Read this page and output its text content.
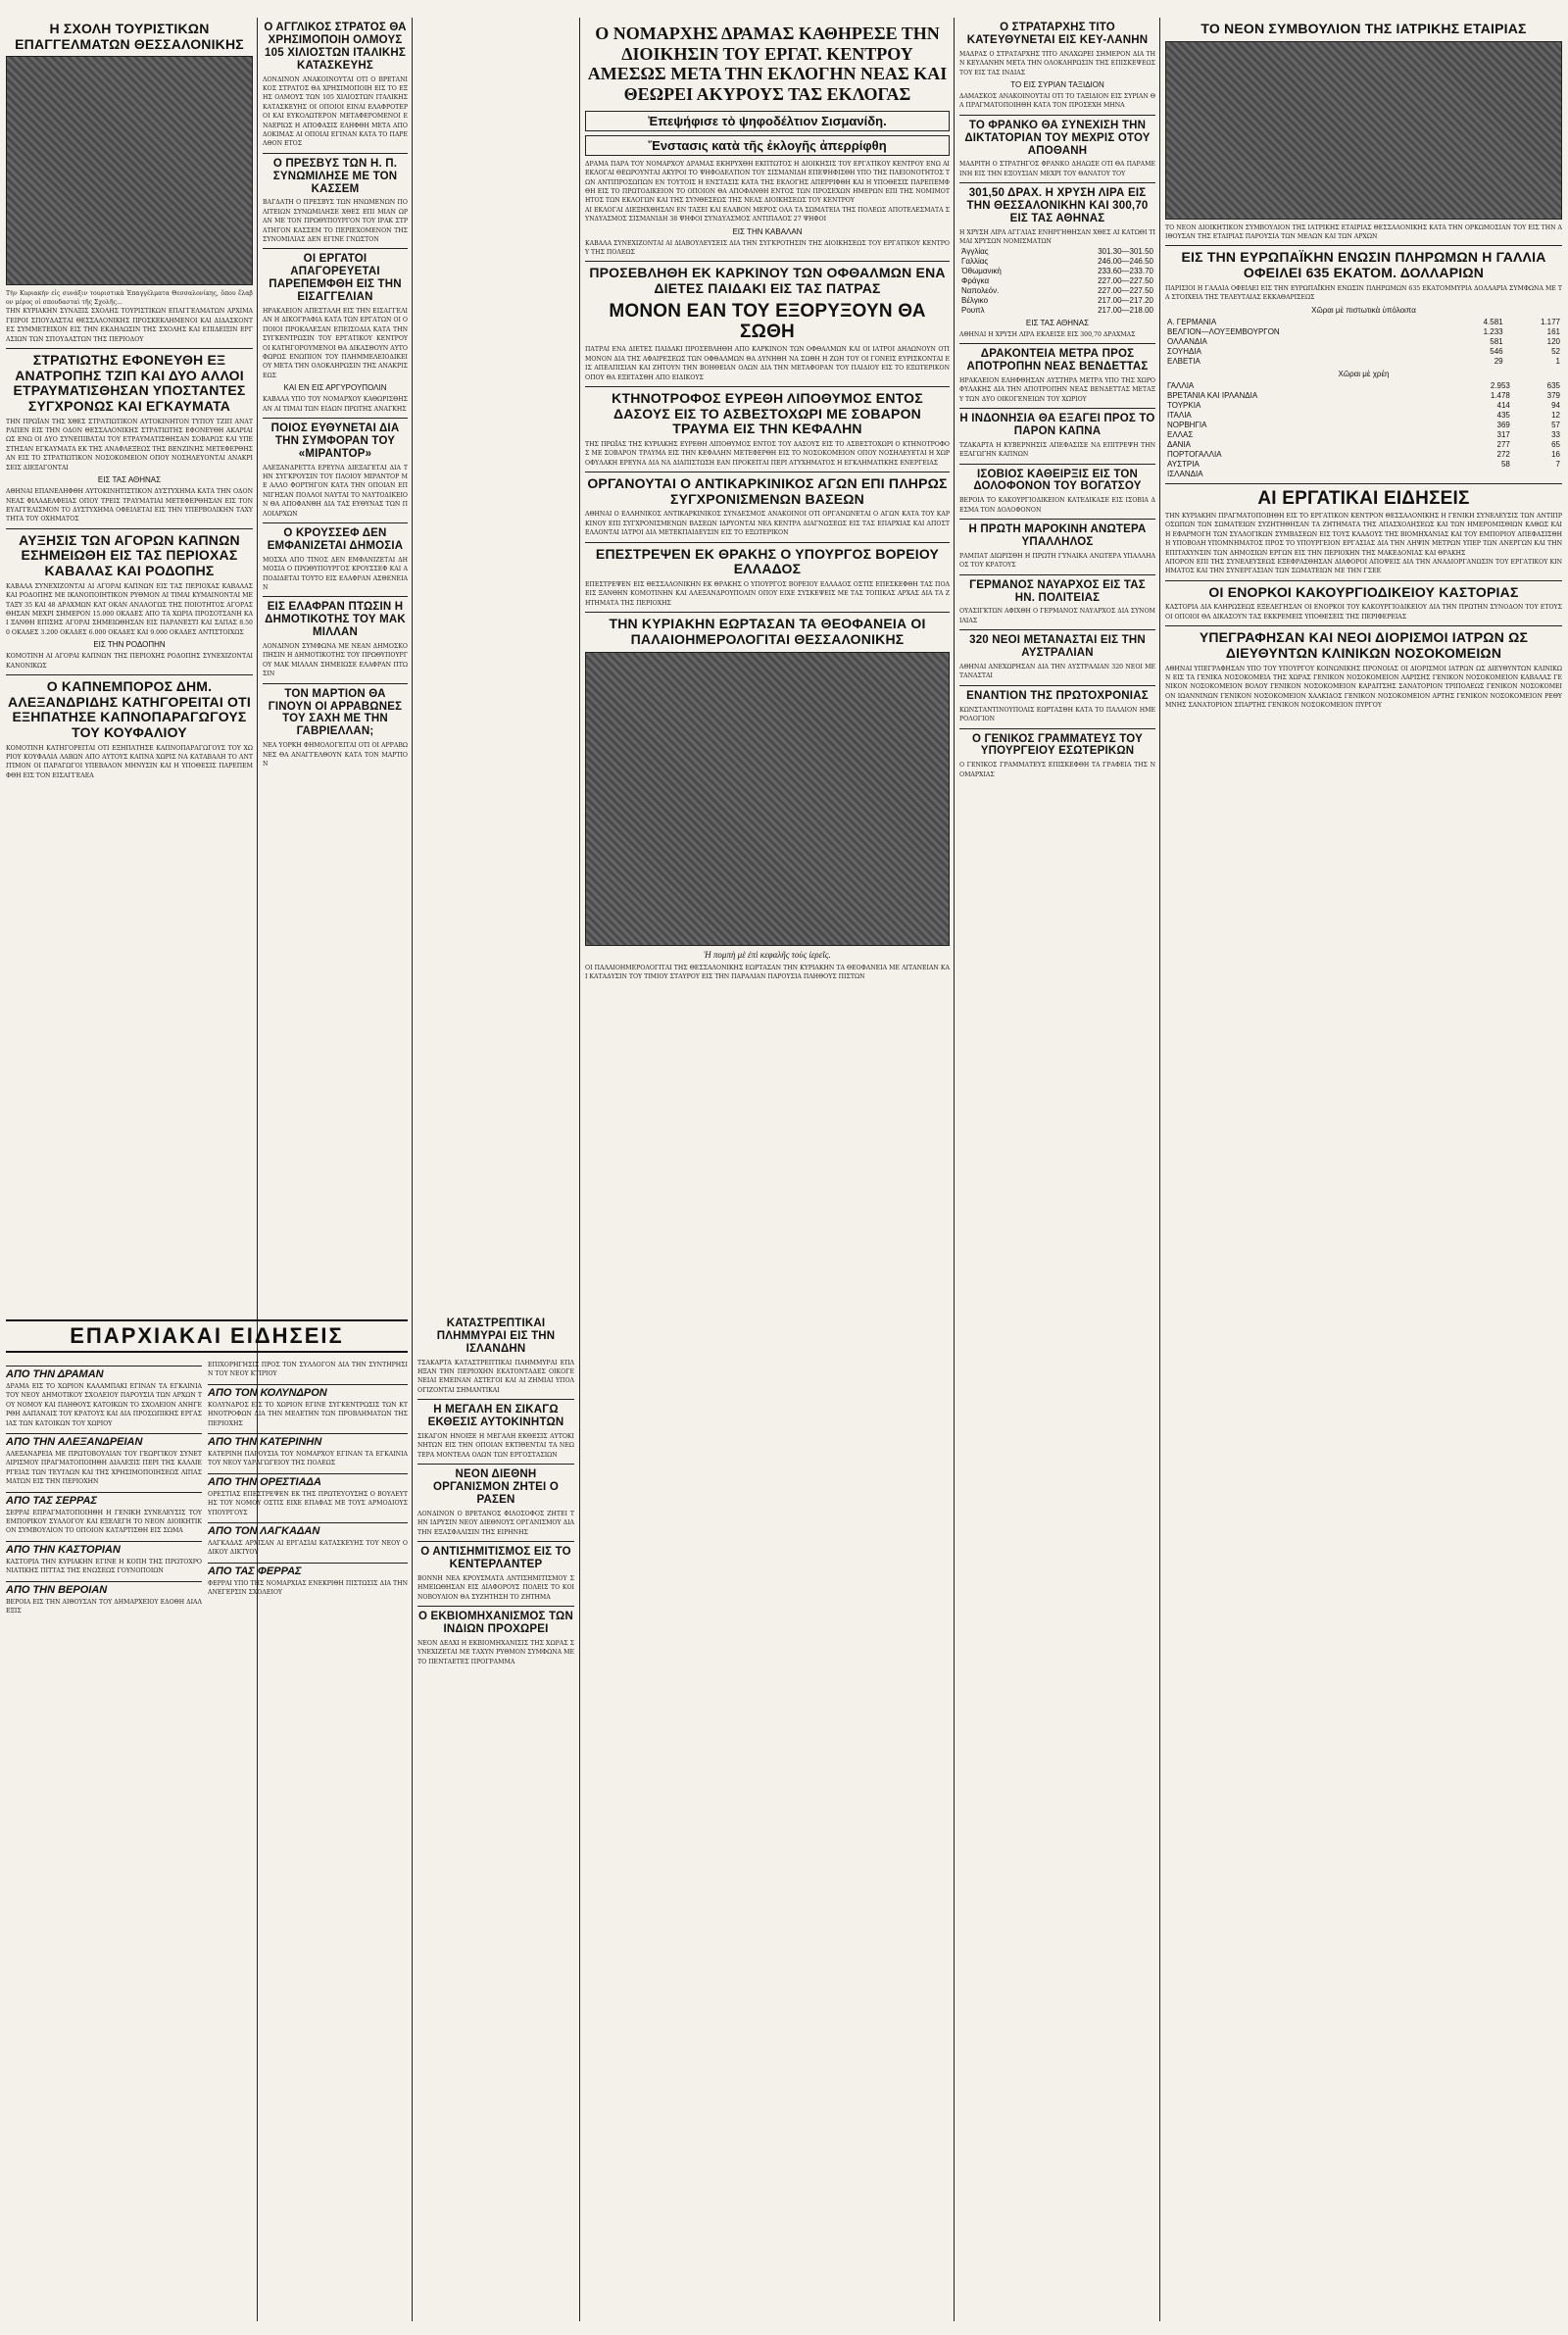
Η ΣΧΟΛΗ ΤΟΥΡΙΣΤΙΚΩΝ ΕΠΑΓΓΕΛΜΑΤΩΝ ΘΕΣΣΑΛΟΝΙΚΗΣ
Τὴν Κυριακὴν εἰς συνάξιν τουριστικὰ Ἐπαγγέλματα Θεσσαλονίκης, ὅπου ἔλαβον μέρος οἱ σπουδασταὶ τῆς Σχολῆς...

ΤΗΝ ΚΥΡΙΑΚΗΝ ΣΥΝΑΞΙΣ ΣΧΟΛΗΣ ΤΟΥΡΙΣΤΙΚΩΝ ΕΠΑΓΓΕΛΜΑΤΩΝ ΑΡΧΙΜΑΓΕΙΡΟΙ ΣΠΟΥΔΑΣΤΑΙ ΘΕΣΣΑΛΟΝΙΚΗΣ ΠΡΟΣΚΕΚΛΗΜΕΝΟΙ ΚΑΙ ΔΙΔΑΣΚΟΝΤΕΣ ΣΥΜΜΕΤΕΙΧΟΝ ΕΙΣ ΤΗΝ ΕΚΔΗΛΩΣΙΝ ΤΗΣ ΣΧΟΛΗΣ ΚΑΙ ΕΠΙΔΕΙΞΙΝ ΕΡΓΑΣΙΩΝ ΤΩΝ ΣΠΟΥΔΑΣΤΩΝ ΤΗΣ ΠΕΡΙΟΔΟΥ

ΣΤΡΑΤΙΩΤΗΣ ΕΦΟΝΕΥΘΗ ΕΞ ΑΝΑΤΡΟΠΗΣ ΤΖΙΠ ΚΑΙ ΔΥΟ ΑΛΛΟΙ ΕΤΡΑΥΜΑΤΙΣΘΗΣΑΝ ΥΠΟΣΤΑΝΤΕΣ ΣΥΓΧΡΟΝΩΣ ΚΑΙ ΕΓΚΑΥΜΑΤΑ

ΤΗΝ ΠΡΩΪΑΝ ΤΗΣ ΧΘΕΣ ΣΤΡΑΤΙΩΤΙΚΟΝ ΑΥΤΟΚΙΝΗΤΟΝ ΤΥΠΟΥ ΤΖΙΠ ΑΝΑΤΡΑΠΕΝ ΕΙΣ ΤΗΝ ΟΔΟΝ ΘΕΣΣΑΛΟΝΙΚΗΣ ΣΤΡΑΤΙΩΤΗΣ ΕΦΟΝΕΥΘΗ ΑΚΑΡΙΑΙΩΣ ΕΝΩ ΟΙ ΔΥΟ ΣΥΝΕΠΙΒΑΤΑΙ ΤΟΥ ΕΤΡΑΥΜΑΤΙΣΘΗΣΑΝ ΣΟΒΑΡΩΣ ΚΑΙ ΥΠΕΣΤΗΣΑΝ ΕΓΚΑΥΜΑΤΑ ΕΚ ΤΗΣ ΑΝΑΦΛΕΞΕΩΣ ΤΗΣ ΒΕΝΖΙΝΗΣ ΜΕΤΕΦΕΡΘΗΣΑΝ ΕΙΣ ΤΟ ΣΤΡΑΤΙΩΤΙΚΟΝ ΝΟΣΟΚΟΜΕΙΟΝ ΟΠΟΥ ΝΟΣΗΛΕΥΟΝΤΑΙ ΑΝΑΚΡΙΣΕΙΣ ΔΙΕΞΑΓΟΝΤΑΙ

ΕΙΣ ΤΑΣ ΑΘΗΝΑΣ

ΑΘΗΝΑΙ ΕΠΑΝΕΛΗΦΘΗ ΑΥΤΟΚΙΝΗΤΙΣΤΙΚΟΝ ΔΥΣΤΥΧΗΜΑ ΚΑΤΑ ΤΗΝ ΟΔΟΝ ΝΕΑΣ ΦΙΛΑΔΕΛΦΕΙΑΣ ΟΠΟΥ ΤΡΕΙΣ ΤΡΑΥΜΑΤΙΑΙ ΜΕΤΕΦΕΡΘΗΣΑΝ ΕΙΣ ΤΟΝ ΕΥΑΓΓΕΛΙΣΜΟΝ ΤΟ ΔΥΣΤΥΧΗΜΑ ΟΦΕΙΛΕΤΑΙ ΕΙΣ ΤΗΝ ΥΠΕΡΒΟΛΙΚΗΝ ΤΑΧΥΤΗΤΑ ΤΟΥ ΟΧΗΜΑΤΟΣ

ΑΥΞΗΣΙΣ ΤΩΝ ΑΓΟΡΩΝ ΚΑΠΝΩΝ ΕΣΗΜΕΙΩΘΗ ΕΙΣ ΤΑΣ ΠΕΡΙΟΧΑΣ ΚΑΒΑΛΑΣ ΚΑΙ ΡΟΔΟΠΗΣ

ΚΑΒΑΛΑ ΣΥΝΕΧΙΖΟΝΤΑΙ ΑΙ ΑΓΟΡΑΙ ΚΑΠΝΩΝ ΕΙΣ ΤΑΣ ΠΕΡΙΟΧΑΣ ΚΑΒΑΛΑΣ ΚΑΙ ΡΟΔΟΠΗΣ ΜΕ ΙΚΑΝΟΠΟΙΗΤΙΚΟΝ ΡΥΘΜΟΝ ΑΙ ΤΙΜΑΙ ΚΥΜΑΙΝΟΝΤΑΙ ΜΕΤΑΞΥ 35 ΚΑΙ 48 ΔΡΑΧΜΩΝ ΚΑΤ ΟΚΑΝ ΑΝΑΛΟΓΩΣ ΤΗΣ ΠΟΙΟΤΗΤΟΣ ΑΓΟΡΑΣΘΗΣΑΝ ΜΕΧΡΙ ΣΗΜΕΡΟΝ 15.000 ΟΚΑΔΕΣ ΑΠΟ ΤΑ ΧΩΡΙΑ ΠΡΟΣΟΤΣΑΝΗ ΚΑΙ ΞΑΝΘΗ ΕΠΙΣΗΣ ΑΓΟΡΑΙ ΣΗΜΕΙΩΘΗΣΑΝ ΕΙΣ ΠΑΡΑΝΕΣΤΙ ΚΑΙ ΣΑΠΑΣ 8.500 ΟΚΑΔΕΣ 3.200 ΟΚΑΔΕΣ 6.000 ΟΚΑΔΕΣ ΚΑΙ 9.000 ΟΚΑΔΕΣ ΑΝΤΙΣΤΟΙΧΩΣ

ΕΙΣ ΤΗΝ ΡΟΔΟΠΗΝ

ΚΟΜΟΤΙΝΗ ΑΙ ΑΓΟΡΑΙ ΚΑΠΝΩΝ ΤΗΣ ΠΕΡΙΟΧΗΣ ΡΟΔΟΠΗΣ ΣΥΝΕΧΙΖΟΝΤΑΙ ΚΑΝΟΝΙΚΩΣ

Ο ΚΑΠΝΕΜΠΟΡΟΣ ΔΗΜ. ΑΛΕΞΑΝΔΡΙΔΗΣ ΚΑΤΗΓΟΡΕΙΤΑΙ ΟΤΙ ΕΞΗΠΑΤΗΣΕ ΚΑΠΝΟΠΑΡΑΓΩΓΟΥΣ ΤΟΥ ΚΟΥΦΑΛΙΟΥ

ΚΟΜΟΤΙΝΗ ΚΑΤΗΓΟΡΕΙΤΑΙ ΟΤΙ ΕΞΗΠΑΤΗΣΕ ΚΑΠΝΟΠΑΡΑΓΩΓΟΥΣ ΤΟΥ ΧΩΡΙΟΥ ΚΟΥΦΑΛΙΑ ΛΑΒΩΝ ΑΠΟ ΑΥΤΟΥΣ ΚΑΠΝΑ ΧΩΡΙΣ ΝΑ ΚΑΤΑΒΑΛΗ ΤΟ ΑΝΤΙΤΙΜΟΝ ΟΙ ΠΑΡΑΓΩΓΟΙ ΥΠΕΒΑΛΟΝ ΜΗΝΥΣΙΝ ΚΑΙ Η ΥΠΟΘΕΣΙΣ ΠΑΡΕΠΕΜΦΘΗ ΕΙΣ ΤΟΝ ΕΙΣΑΓΓΕΛΕΑ

Ο ΑΓΓΛΙΚΟΣ ΣΤΡΑΤΟΣ ΘΑ ΧΡΗΣΙΜΟΠΟΙΗ ΟΛΜΟΥΣ 105 ΧΙΛΙΟΣΤΩΝ ΙΤΑΛΙΚΗΣ ΚΑΤΑΣΚΕΥΗΣ

ΛΟΝΔΙΝΟΝ ΑΝΑΚΟΙΝΟΥΤΑΙ ΟΤΙ Ο ΒΡΕΤΑΝΙΚΟΣ ΣΤΡΑΤΟΣ ΘΑ ΧΡΗΣΙΜΟΠΟΙΗ ΕΙΣ ΤΟ ΕΞΗΣ ΟΛΜΟΥΣ ΤΩΝ 105 ΧΙΛΙΟΣΤΩΝ ΙΤΑΛΙΚΗΣ ΚΑΤΑΣΚΕΥΗΣ ΟΙ ΟΠΟΙΟΙ ΕΙΝΑΙ ΕΛΑΦΡΟΤΕΡΟΙ ΚΑΙ ΕΥΚΟΛΩΤΕΡΟΝ ΜΕΤΑΦΕΡΟΜΕΝΟΙ ΕΝΑΕΡΙΩΣ Η ΑΠΟΦΑΣΙΣ ΕΛΗΦΘΗ ΜΕΤΑ ΑΠΟ ΔΟΚΙΜΑΣ ΑΙ ΟΠΟΙΑΙ ΕΓΙΝΑΝ ΚΑΤΑ ΤΟ ΠΑΡΕΛΘΟΝ ΕΤΟΣ

Ο ΠΡΕΣΒΥΣ ΤΩΝ Η. Π. ΣΥΝΩΜΙΛΗΣΕ ΜΕ ΤΟΝ ΚΑΣΣΕΜ

ΒΑΓΔΑΤΗ Ο ΠΡΕΣΒΥΣ ΤΩΝ ΗΝΩΜΕΝΩΝ ΠΟΛΙΤΕΙΩΝ ΣΥΝΩΜΙΛΗΣΕ ΧΘΕΣ ΕΠΙ ΜΙΑΝ ΩΡΑΝ ΜΕ ΤΟΝ ΠΡΩΘΥΠΟΥΡΓΟΝ ΤΟΥ ΙΡΑΚ ΣΤΡΑΤΗΓΟΝ ΚΑΣΣΕΜ ΤΟ ΠΕΡΙΕΧΟΜΕΝΟΝ ΤΗΣ ΣΥΝΟΜΙΛΙΑΣ ΔΕΝ ΕΓΙΝΕ ΓΝΩΣΤΟΝ

ΟΙ ΕΡΓΑΤΟΙ ΑΠΑΓΟΡΕΥΕΤΑΙ ΠΑΡΕΠΕΜΦΘΗ ΕΙΣ ΤΗΝ ΕΙΣΑΓΓΕΛΙΑΝ

ΗΡΑΚΛΕΙΟΝ ΑΠΕΣΤΑΛΗ ΕΙΣ ΤΗΝ ΕΙΣΑΓΓΕΛΙΑΝ Η ΔΙΚΟΓΡΑΦΙΑ ΚΑΤΑ ΤΩΝ ΕΡΓΑΤΩΝ ΟΙ ΟΠΟΙΟΙ ΠΡΟΚΑΛΕΣΑΝ ΕΠΕΙΣΟΔΙΑ ΚΑΤΑ ΤΗΝ ΣΥΓΚΕΝΤΡΩΣΙΝ ΤΟΥ ΕΡΓΑΤΙΚΟΥ ΚΕΝΤΡΟΥ ΟΙ ΚΑΤΗΓΟΡΟΥΜΕΝΟΙ ΘΑ ΔΙΚΑΣΘΟΥΝ ΑΥΤΟΦΩΡΩΣ ΕΝΩΠΙΟΝ ΤΟΥ ΠΛΗΜΜΕΛΕΙΟΔΙΚΕΙΟΥ ΜΕΤΑ ΤΗΝ ΟΛΟΚΛΗΡΩΣΙΝ ΤΗΣ ΑΝΑΚΡΙΣΕΩΣ

ΚΑΙ ΕΝ ΕΙΣ ΑΡΓΥΡΟΥΠΟΛΙΝ

ΚΑΒΑΛΑ ΥΠΟ ΤΟΥ ΝΟΜΑΡΧΟΥ ΚΑΘΩΡΙΣΘΗΣΑΝ ΑΙ ΤΙΜΑΙ ΤΩΝ ΕΙΔΩΝ ΠΡΩΤΗΣ ΑΝΑΓΚΗΣ

ΠΟΙΟΣ ΕΥΘΥΝΕΤΑΙ ΔΙΑ ΤΗΝ ΣΥΜΦΟΡΑΝ ΤΟΥ «ΜΙΡΑΝΤΟΡ»

ΑΛΕΞΑΝΔΡΕΤΤΑ ΕΡΕΥΝΑ ΔΙΕΞΑΓΕΤΑΙ ΔΙΑ ΤΗΝ ΣΥΓΚΡΟΥΣΙΝ ΤΟΥ ΠΛΟΙΟΥ ΜΙΡΑΝΤΟΡ ΜΕ ΑΛΛΟ ΦΟΡΤΗΓΟΝ ΚΑΤΑ ΤΗΝ ΟΠΟΙΑΝ ΕΠΝΙΓΗΣΑΝ ΠΟΛΛΟΙ ΝΑΥΤΑΙ ΤΟ ΝΑΥΤΟΔΙΚΕΙΟΝ ΘΑ ΑΠΟΦΑΝΘΗ ΔΙΑ ΤΑΣ ΕΥΘΥΝΑΣ ΤΩΝ ΠΛΟΙΑΡΧΩΝ

Ο ΚΡΟΥΣΣΕΦ ΔΕΝ ΕΜΦΑΝΙΖΕΤΑΙ ΔΗΜΟΣΙΑ

ΜΟΣΧΑ ΑΠΟ ΤΙΝΟΣ ΔΕΝ ΕΜΦΑΝΙΖΕΤΑΙ ΔΗΜΟΣΙΑ Ο ΠΡΩΘΥΠΟΥΡΓΟΣ ΚΡΟΥΣΣΕΦ ΚΑΙ ΑΠΟΔΙΔΕΤΑΙ ΤΟΥΤΟ ΕΙΣ ΕΛΑΦΡΑΝ ΑΣΘΕΝΕΙΑΝ

ΕΙΣ ΕΛΑΦΡΑΝ ΠΤΩΣΙΝ Η ΔΗΜΟΤΙΚΟΤΗΣ ΤΟΥ ΜΑΚ ΜΙΛΛΑΝ

ΛΟΝΔΙΝΟΝ ΣΥΜΦΩΝΑ ΜΕ ΝΕΑΝ ΔΗΜΟΣΚΟΠΗΣΙΝ Η ΔΗΜΟΤΙΚΟΤΗΣ ΤΟΥ ΠΡΩΘΥΠΟΥΡΓΟΥ ΜΑΚ ΜΙΛΛΑΝ ΣΗΜΕΙΩΣΕ ΕΛΑΦΡΑΝ ΠΤΩΣΙΝ

ΤΟΝ ΜΑΡΤΙΟΝ ΘΑ ΓΙΝΟΥΝ ΟΙ ΑΡΡΑΒΩΝΕΣ ΤΟΥ ΣΑΧΗ ΜΕ ΤΗΝ ΓΑΒΡΙΕΛΛΑΝ;

ΝΕΑ ΥΟΡΚΗ ΦΗΜΟΛΟΓΕΙΤΑΙ ΟΤΙ ΟΙ ΑΡΡΑΒΩΝΕΣ ΘΑ ΑΝΑΓΓΕΛΘΟΥΝ ΚΑΤΑ ΤΟΝ ΜΑΡΤΙΟΝ

ΕΠΑΡΧΙΑΚΑΙ ΕΙΔΗΣΕΙΣ
ΑΠΟ ΤΗΝ ΔΡΑΜΑΝ

ΔΡΑΜΑ ΕΙΣ ΤΟ ΧΩΡΙΟΝ ΚΑΛΑΜΠΑΚΙ ΕΓΙΝΑΝ ΤΑ ΕΓΚΑΙΝΙΑ ΤΟΥ ΝΕΟΥ ΔΗΜΟΤΙΚΟΥ ΣΧΟΛΕΙΟΥ ΠΑΡΟΥΣΙΑ ΤΩΝ ΑΡΧΩΝ ΤΟΥ ΝΟΜΟΥ ΚΑΙ ΠΛΗΘΟΥΣ ΚΑΤΟΙΚΩΝ ΤΟ ΣΧΟΛΕΙΟΝ ΑΝΗΓΕΡΘΗ ΔΑΠΑΝΑΙΣ ΤΟΥ ΚΡΑΤΟΥΣ ΚΑΙ ΔΙΑ ΠΡΟΣΩΠΙΚΗΣ ΕΡΓΑΣΙΑΣ ΤΩΝ ΚΑΤΟΙΚΩΝ ΤΟΥ ΧΩΡΙΟΥ

ΑΠΟ ΤΗΝ ΑΛΕΞΑΝΔΡΕΙΑΝ

ΑΛΕΞΑΝΔΡΕΙΑ ΜΕ ΠΡΩΤΟΒΟΥΛΙΑΝ ΤΟΥ ΓΕΩΡΓΙΚΟΥ ΣΥΝΕΤΑΙΡΙΣΜΟΥ ΠΡΑΓΜΑΤΟΠΟΙΗΘΗ ΔΙΑΛΕΞΙΣ ΠΕΡΙ ΤΗΣ ΚΑΛΛΙΕΡΓΕΙΑΣ ΤΩΝ ΤΕΥΤΛΩΝ ΚΑΙ ΤΗΣ ΧΡΗΣΙΜΟΠΟΙΗΣΕΩΣ ΛΙΠΑΣΜΑΤΩΝ ΕΙΣ ΤΗΝ ΠΕΡΙΟΧΗΝ

ΑΠΟ ΤΑΣ ΣΕΡΡΑΣ

ΣΕΡΡΑΙ ΕΠΡΑΓΜΑΤΟΠΟΙΗΘΗ Η ΓΕΝΙΚΗ ΣΥΝΕΛΕΥΣΙΣ ΤΟΥ ΕΜΠΟΡΙΚΟΥ ΣΥΛΛΟΓΟΥ ΚΑΙ ΕΞΕΛΕΓΗ ΤΟ ΝΕΟΝ ΔΙΟΙΚΗΤΙΚΟΝ ΣΥΜΒΟΥΛΙΟΝ ΤΟ ΟΠΟΙΟΝ ΚΑΤΑΡΤΙΣΘΗ ΕΙΣ ΣΩΜΑ

ΑΠΟ ΤΗΝ ΚΑΣΤΟΡΙΑΝ

ΚΑΣΤΟΡΙΑ ΤΗΝ ΚΥΡΙΑΚΗΝ ΕΓΙΝΕ Η ΚΟΠΗ ΤΗΣ ΠΡΩΤΟΧΡΟΝΙΑΤΙΚΗΣ ΠΙΤΤΑΣ ΤΗΣ ΕΝΩΣΕΩΣ ΓΟΥΝΟΠΟΙΩΝ

ΑΠΟ ΤΗΝ ΒΕΡΟΙΑΝ

ΒΕΡΟΙΑ ΕΙΣ ΤΗΝ ΑΙΘΟΥΣΑΝ ΤΟΥ ΔΗΜΑΡΧΕΙΟΥ ΕΔΟΘΗ ΔΙΑΛΕΞΙΣ

ΕΠΙΧΟΡΗΓΗΣΙΣ ΠΡΟΣ ΤΟΝ ΣΥΛΛΟΓΟΝ ΔΙΑ ΤΗΝ ΣΥΝΤΗΡΗΣΙΝ ΤΟΥ ΝΕΟΥ ΚΤΙΡΙΟΥ

ΑΠΟ ΤΟΝ ΚΟΛΥΝΔΡΟΝ

ΚΟΛΥΝΔΡΟΣ ΕΙΣ ΤΟ ΧΩΡΙΟΝ ΕΓΙΝΕ ΣΥΓΚΕΝΤΡΩΣΙΣ ΤΩΝ ΚΤΗΝΟΤΡΟΦΩΝ ΔΙΑ ΤΗΝ ΜΕΛΕΤΗΝ ΤΩΝ ΠΡΟΒΛΗΜΑΤΩΝ ΤΗΣ ΠΕΡΙΟΧΗΣ

ΑΠΟ ΤΗΝ ΚΑΤΕΡΙΝΗΝ

ΚΑΤΕΡΙΝΗ ΠΑΡΟΥΣΙΑ ΤΟΥ ΝΟΜΑΡΧΟΥ ΕΓΙΝΑΝ ΤΑ ΕΓΚΑΙΝΙΑ ΤΟΥ ΝΕΟΥ ΥΔΡΑΓΩΓΕΙΟΥ ΤΗΣ ΠΟΛΕΩΣ

ΑΠΟ ΤΗΝ ΟΡΕΣΤΙΑΔΑ

ΟΡΕΣΤΙΑΣ ΕΠΕΣΤΡΕΨΕΝ ΕΚ ΤΗΣ ΠΡΩΤΕΥΟΥΣΗΣ Ο ΒΟΥΛΕΥΤΗΣ ΤΟΥ ΝΟΜΟΥ ΟΣΤΙΣ ΕΙΧΕ ΕΠΑΦΑΣ ΜΕ ΤΟΥΣ ΑΡΜΟΔΙΟΥΣ ΥΠΟΥΡΓΟΥΣ

ΑΠΟ ΤΟΝ ΛΑΓΚΑΔΑΝ

ΛΑΓΚΑΔΑΣ ΑΡΧΙΣΑΝ ΑΙ ΕΡΓΑΣΙΑΙ ΚΑΤΑΣΚΕΥΗΣ ΤΟΥ ΝΕΟΥ ΟΔΙΚΟΥ ΔΙΚΤΥΟΥ

ΑΠΟ ΤΑΣ ΦΕΡΡΑΣ

ΦΕΡΡΑΙ ΥΠΟ ΤΗΣ ΝΟΜΑΡΧΙΑΣ ΕΝΕΚΡΙΘΗ ΠΙΣΤΩΣΙΣ ΔΙΑ ΤΗΝ ΑΝΕΓΕΡΣΙΝ ΣΧΟΛΕΙΟΥ

ΚΑΤΑΣΤΡΕΠΤΙΚΑΙ ΠΛΗΜΜΥΡΑΙ ΕΙΣ ΤΗΝ ΙΣΛΑΝΔΗΝ

ΤΣΑΚΑΡΤΑ ΚΑΤΑΣΤΡΕΠΤΙΚΑΙ ΠΛΗΜΜΥΡΑΙ ΕΠΛΗΞΑΝ ΤΗΝ ΠΕΡΙΟΧΗΝ ΕΚΑΤΟΝΤΑΔΕΣ ΟΙΚΟΓΕΝΕΙΑΙ ΕΜΕΙΝΑΝ ΑΣΤΕΓΟΙ ΚΑΙ ΑΙ ΖΗΜΙΑΙ ΥΠΟΛΟΓΙΖΟΝΤΑΙ ΣΗΜΑΝΤΙΚΑΙ

Η ΜΕΓΑΛΗ ΕΝ ΣΙΚΑΓΩ ΕΚΘΕΣΙΣ ΑΥΤΟΚΙΝΗΤΩΝ

ΣΙΚΑΓΟΝ ΗΝΟΙΞΕ Η ΜΕΓΑΛΗ ΕΚΘΕΣΙΣ ΑΥΤΟΚΙΝΗΤΩΝ ΕΙΣ ΤΗΝ ΟΠΟΙΑΝ ΕΚΤΙΘΕΝΤΑΙ ΤΑ ΝΕΩΤΕΡΑ ΜΟΝΤΕΛΑ ΟΛΩΝ ΤΩΝ ΕΡΓΟΣΤΑΣΙΩΝ

ΝΕΟΝ ΔΙΕΘΝΗ ΟΡΓΑΝΙΣΜΟΝ ΖΗΤΕΙ Ο ΡΑΣΕΝ

ΛΟΝΔΙΝΟΝ Ο ΒΡΕΤΑΝΟΣ ΦΙΛΟΣΟΦΟΣ ΖΗΤΕΙ ΤΗΝ ΙΔΡΥΣΙΝ ΝΕΟΥ ΔΙΕΘΝΟΥΣ ΟΡΓΑΝΙΣΜΟΥ ΔΙΑ ΤΗΝ ΕΞΑΣΦΑΛΙΣΙΝ ΤΗΣ ΕΙΡΗΝΗΣ

Ο ΑΝΤΙΣΗΜΙΤΙΣΜΟΣ ΕΙΣ ΤΟ ΚΕΝΤΕΡΛΑΝΤΕΡ

ΒΟΝΝΗ ΝΕΑ ΚΡΟΥΣΜΑΤΑ ΑΝΤΙΣΗΜΙΤΙΣΜΟΥ ΣΗΜΕΙΩΘΗΣΑΝ ΕΙΣ ΔΙΑΦΟΡΟΥΣ ΠΟΛΕΙΣ ΤΟ ΚΟΙΝΟΒΟΥΛΙΟΝ ΘΑ ΣΥΖΗΤΗΣΗ ΤΟ ΖΗΤΗΜΑ

Ο ΕΚΒΙΟΜΗΧΑΝΙΣΜΟΣ ΤΩΝ ΙΝΔΙΩΝ ΠΡΟΧΩΡΕΙ

ΝΕΟΝ ΔΕΛΧΙ Η ΕΚΒΙΟΜΗΧΑΝΙΣΙΣ ΤΗΣ ΧΩΡΑΣ ΣΥΝΕΧΙΖΕΤΑΙ ΜΕ ΤΑΧΥΝ ΡΥΘΜΟΝ ΣΥΜΦΩΝΑ ΜΕ ΤΟ ΠΕΝΤΑΕΤΕΣ ΠΡΟΓΡΑΜΜΑ

Ο ΝΟΜΑΡΧΗΣ ΔΡΑΜΑΣ ΚΑΘΗΡΕΣΕ ΤΗΝ ΔΙΟΙΚΗΣΙΝ ΤΟΥ ΕΡΓΑΤ. ΚΕΝΤΡΟΥ ΑΜΕΣΩΣ ΜΕΤΑ ΤΗΝ ΕΚΛΟΓΗΝ ΝΕΑΣ ΚΑΙ ΘΕΩΡΕΙ ΑΚΥΡΟΥΣ ΤΑΣ ΕΚΛΟΓΑΣ
Ἐπεψήφισε τὸ ψηφοδέλτιον Σισμανίδη.
Ἔνστασις κατὰ τῆς ἐκλογῆς ἀπερρίφθη

ΔΡΑΜΑ ΠΑΡΑ ΤΟΥ ΝΟΜΑΡΧΟΥ ΔΡΑΜΑΣ ΕΚΗΡΥΧΘΗ ΕΚΠΤΩΤΟΣ Η ΔΙΟΙΚΗΣΙΣ ΤΟΥ ΕΡΓΑΤΙΚΟΥ ΚΕΝΤΡΟΥ ΕΝΩ ΑΙ ΕΚΛΟΓΑΙ ΘΕΩΡΟΥΝΤΑΙ ΑΚΥΡΟΙ ΤΟ ΨΗΦΟΔΕΛΤΙΟΝ ΤΟΥ ΣΙΣΜΑΝΙΔΗ ΕΠΕΨΗΦΙΣΘΗ ΥΠΟ ΤΗΣ ΠΛΕΙΟΝΟΤΗΤΟΣ ΤΩΝ ΑΝΤΙΠΡΟΣΩΠΩΝ ΕΝ ΤΟΥΤΟΙΣ Η ΕΝΣΤΑΣΙΣ ΚΑΤΑ ΤΗΣ ΕΚΛΟΓΗΣ ΑΠΕΡΡΙΦΘΗ ΚΑΙ Η ΥΠΟΘΕΣΙΣ ΠΑΡΕΠΕΜΦΘΗ ΕΙΣ ΤΟ ΠΡΩΤΟΔΙΚΕΙΟΝ ΤΟ ΟΠΟΙΟΝ ΘΑ ΑΠΟΦΑΝΘΗ ΕΝΤΟΣ ΤΩΝ ΠΡΟΣΕΧΩΝ ΗΜΕΡΩΝ ΕΠΙ ΤΗΣ ΝΟΜΙΜΟΤΗΤΟΣ ΤΩΝ ΕΚΛΟΓΩΝ ΚΑΙ ΤΗΣ ΣΥΝΘΕΣΕΩΣ ΤΗΣ ΝΕΑΣ ΔΙΟΙΚΗΣΕΩΣ ΤΟΥ ΚΕΝΤΡΟΥ

ΑΙ ΕΚΛΟΓΑΙ ΔΙΕΞΗΧΘΗΣΑΝ ΕΝ ΤΑΞΕΙ ΚΑΙ ΕΛΑΒΟΝ ΜΕΡΟΣ ΟΛΑ ΤΑ ΣΩΜΑΤΕΙΑ ΤΗΣ ΠΟΛΕΩΣ ΑΠΟΤΕΛΕΣΜΑΤΑ ΣΥΝΔΥΑΣΜΟΣ ΣΙΣΜΑΝΙΔΗ 38 ΨΗΦΟΙ ΣΥΝΔΥΑΣΜΟΣ ΑΝΤΙΠΑΛΟΣ 27 ΨΗΦΟΙ

ΕΙΣ ΤΗΝ ΚΑΒΑΛΑΝ

ΚΑΒΑΛΑ ΣΥΝΕΧΙΖΟΝΤΑΙ ΑΙ ΔΙΑΒΟΥΛΕΥΣΕΙΣ ΔΙΑ ΤΗΝ ΣΥΓΚΡΟΤΗΣΙΝ ΤΗΣ ΔΙΟΙΚΗΣΕΩΣ ΤΟΥ ΕΡΓΑΤΙΚΟΥ ΚΕΝΤΡΟΥ ΤΗΣ ΠΟΛΕΩΣ

ΠΡΟΣΕΒΛΗΘΗ ΕΚ ΚΑΡΚΙΝΟΥ ΤΩΝ ΟΦΘΑΛΜΩΝ ΕΝΑ ΔΙΕΤΕΣ ΠΑΙΔΑΚΙ ΕΙΣ ΤΑΣ ΠΑΤΡΑΣ
ΜΟΝΟΝ ΕΑΝ ΤΟΥ ΕΞΟΡΥΞΟΥΝ ΘΑ ΣΩΘΗ

ΠΑΤΡΑΙ ΕΝΑ ΔΙΕΤΕΣ ΠΑΙΔΑΚΙ ΠΡΟΣΕΒΛΗΘΗ ΑΠΟ ΚΑΡΚΙΝΟΝ ΤΩΝ ΟΦΘΑΛΜΩΝ ΚΑΙ ΟΙ ΙΑΤΡΟΙ ΔΗΛΩΝΟΥΝ ΟΤΙ ΜΟΝΟΝ ΔΙΑ ΤΗΣ ΑΦΑΙΡΕΣΕΩΣ ΤΩΝ ΟΦΘΑΛΜΩΝ ΘΑ ΔΥΝΗΘΗ ΝΑ ΣΩΘΗ Η ΖΩΗ ΤΟΥ ΟΙ ΓΟΝΕΙΣ ΕΥΡΙΣΚΟΝΤΑΙ ΕΙΣ ΑΠΕΛΠΙΣΙΑΝ ΚΑΙ ΖΗΤΟΥΝ ΤΗΝ ΒΟΗΘΕΙΑΝ ΟΛΩΝ ΔΙΑ ΤΗΝ ΜΕΤΑΦΟΡΑΝ ΤΟΥ ΠΑΙΔΙΟΥ ΕΙΣ ΤΟ ΕΞΩΤΕΡΙΚΟΝ ΟΠΟΥ ΘΑ ΕΞΕΤΑΣΘΗ ΑΠΟ ΕΙΔΙΚΟΥΣ

ΚΤΗΝΟΤΡΟΦΟΣ ΕΥΡΕΘΗ ΛΙΠΟΘΥΜΟΣ ΕΝΤΟΣ ΔΑΣΟΥΣ ΕΙΣ ΤΟ ΑΣΒΕΣΤΟΧΩΡΙ ΜΕ ΣΟΒΑΡΟΝ ΤΡΑΥΜΑ ΕΙΣ ΤΗΝ ΚΕΦΑΛΗΝ

ΤΗΣ ΠΡΩΪΑΣ ΤΗΣ ΚΥΡΙΑΚΗΣ ΕΥΡΕΘΗ ΛΙΠΟΘΥΜΟΣ ΕΝΤΟΣ ΤΟΥ ΔΑΣΟΥΣ ΕΙΣ ΤΟ ΑΣΒΕΣΤΟΧΩΡΙ Ο ΚΤΗΝΟΤΡΟΦΟΣ ΜΕ ΣΟΒΑΡΟΝ ΤΡΑΥΜΑ ΕΙΣ ΤΗΝ ΚΕΦΑΛΗΝ ΜΕΤΕΦΕΡΘΗ ΕΙΣ ΤΟ ΝΟΣΟΚΟΜΕΙΟΝ ΟΠΟΥ ΝΟΣΗΛΕΥΕΤΑΙ Η ΧΩΡΟΦΥΛΑΚΗ ΕΡΕΥΝΑ ΔΙΑ ΝΑ ΔΙΑΠΙΣΤΩΣΗ ΕΑΝ ΠΡΟΚΕΙΤΑΙ ΠΕΡΙ ΑΤΥΧΗΜΑΤΟΣ Η ΕΓΚΛΗΜΑΤΙΚΗΣ ΕΝΕΡΓΕΙΑΣ

ΟΡΓΑΝΟΥΤΑΙ Ο ΑΝΤΙΚΑΡΚΙΝΙΚΟΣ ΑΓΩΝ ΕΠΙ ΠΛΗΡΩΣ ΣΥΓΧΡΟΝΙΣΜΕΝΩΝ ΒΑΣΕΩΝ

ΑΘΗΝΑΙ Ο ΕΛΛΗΝΙΚΟΣ ΑΝΤΙΚΑΡΚΙΝΙΚΟΣ ΣΥΝΔΕΣΜΟΣ ΑΝΑΚΟΙΝΟΙ ΟΤΙ ΟΡΓΑΝΩΝΕΤΑΙ Ο ΑΓΩΝ ΚΑΤΑ ΤΟΥ ΚΑΡΚΙΝΟΥ ΕΠΙ ΣΥΓΧΡΟΝΙΣΜΕΝΩΝ ΒΑΣΕΩΝ ΙΔΡΥΟΝΤΑΙ ΝΕΑ ΚΕΝΤΡΑ ΔΙΑΓΝΩΣΕΩΣ ΕΙΣ ΤΑΣ ΕΠΑΡΧΙΑΣ ΚΑΙ ΑΠΟΣΤΕΛΛΟΝΤΑΙ ΙΑΤΡΟΙ ΔΙΑ ΜΕΤΕΚΠΑΙΔΕΥΣΙΝ ΕΙΣ ΤΟ ΕΞΩΤΕΡΙΚΟΝ

ΕΠΕΣΤΡΕΨΕΝ ΕΚ ΘΡΑΚΗΣ Ο ΥΠΟΥΡΓΟΣ ΒΟΡΕΙΟΥ ΕΛΛΑΔΟΣ

ΕΠΕΣΤΡΕΨΕΝ ΕΙΣ ΘΕΣΣΑΛΟΝΙΚΗΝ ΕΚ ΘΡΑΚΗΣ Ο ΥΠΟΥΡΓΟΣ ΒΟΡΕΙΟΥ ΕΛΛΑΔΟΣ ΟΣΤΙΣ ΕΠΕΣΚΕΦΘΗ ΤΑΣ ΠΟΛΕΙΣ ΞΑΝΘΗΝ ΚΟΜΟΤΙΝΗΝ ΚΑΙ ΑΛΕΞΑΝΔΡΟΥΠΟΛΙΝ ΟΠΟΥ ΕΙΧΕ ΣΥΣΚΕΨΕΙΣ ΜΕ ΤΑΣ ΤΟΠΙΚΑΣ ΑΡΧΑΣ ΔΙΑ ΤΑ ΖΗΤΗΜΑΤΑ ΤΗΣ ΠΕΡΙΟΧΗΣ

ΤΗΝ ΚΥΡΙΑΚΗΝ ΕΩΡΤΑΣΑΝ ΤΑ ΘΕΟΦΑΝΕΙΑ ΟΙ ΠΑΛΑΙΟΗΜΕΡΟΛΟΓΙΤΑΙ ΘΕΣΣΑΛΟΝΙΚΗΣ
Ἡ πομπὴ μὲ ἐπὶ κεφαλῆς τοὺς ἱερεῖς.

ΟΙ ΠΑΛΑΙΟΗΜΕΡΟΛΟΓΙΤΑΙ ΤΗΣ ΘΕΣΣΑΛΟΝΙΚΗΣ ΕΩΡΤΑΣΑΝ ΤΗΝ ΚΥΡΙΑΚΗΝ ΤΑ ΘΕΟΦΑΝΕΙΑ ΜΕ ΛΙΤΑΝΕΙΑΝ ΚΑΙ ΚΑΤΑΔΥΣΙΝ ΤΟΥ ΤΙΜΙΟΥ ΣΤΑΥΡΟΥ ΕΙΣ ΤΗΝ ΠΑΡΑΛΙΑΝ ΠΑΡΟΥΣΙΑ ΠΛΗΘΟΥΣ ΠΙΣΤΩΝ

Ο ΣΤΡΑΤΑΡΧΗΣ ΤΙΤΟ ΚΑΤΕΥΘΥΝΕΤΑΙ ΕΙΣ ΚΕΥ-ΛΑΝΗΝ

ΜΑΔΡΑΣ Ο ΣΤΡΑΤΑΡΧΗΣ ΤΙΤΟ ΑΝΑΧΩΡΕΙ ΣΗΜΕΡΟΝ ΔΙΑ ΤΗΝ ΚΕΥΛΑΝΗΝ ΜΕΤΑ ΤΗΝ ΟΛΟΚΛΗΡΩΣΙΝ ΤΗΣ ΕΠΙΣΚΕΨΕΩΣ ΤΟΥ ΕΙΣ ΤΑΣ ΙΝΔΙΑΣ

ΤΟ ΕΙΣ ΣΥΡΙΑΝ ΤΑΞΙΔΙΟΝ

ΔΑΜΑΣΚΟΣ ΑΝΑΚΟΙΝΟΥΤΑΙ ΟΤΙ ΤΟ ΤΑΞΙΔΙΟΝ ΕΙΣ ΣΥΡΙΑΝ ΘΑ ΠΡΑΓΜΑΤΟΠΟΙΗΘΗ ΚΑΤΑ ΤΟΝ ΠΡΟΣΕΧΗ ΜΗΝΑ

ΤΟ ΦΡΑΝΚΟ ΘΑ ΣΥΝΕΧΙΣΗ ΤΗΝ ΔΙΚΤΑΤΟΡΙΑΝ ΤΟΥ ΜΕΧΡΙΣ ΟΤΟΥ ΑΠΟΘΑΝΗ

ΜΑΔΡΙΤΗ Ο ΣΤΡΑΤΗΓΟΣ ΦΡΑΝΚΟ ΔΗΛΩΣΕ ΟΤΙ ΘΑ ΠΑΡΑΜΕΙΝΗ ΕΙΣ ΤΗΝ ΕΞΟΥΣΙΑΝ ΜΕΧΡΙ ΤΟΥ ΘΑΝΑΤΟΥ ΤΟΥ

301,50 ΔΡΑΧ. Η ΧΡΥΣΗ ΛΙΡΑ ΕΙΣ ΤΗΝ ΘΕΣΣΑΛΟΝΙΚΗΝ ΚΑΙ 300,70 ΕΙΣ ΤΑΣ ΑΘΗΝΑΣ

Η ΧΡΥΣΗ ΛΙΡΑ ΑΓΓΛΙΑΣ ΕΝΗΡΓΗΘΗΣΑΝ ΧΘΕΣ ΑΙ ΚΑΤΩΘΙ ΤΙΜΑΙ ΧΡΥΣΩΝ ΝΟΜΙΣΜΑΤΩΝ

Ἀγγλίας	301.30—301.50
Γαλλίας	246.00—246.50
Ὀθωμανικὴ	233.60—233.70
Φράγκα	227.00—227.50
Ναπολεόν.	227.00—227.50
Βέλγικο	217.00—217.20
Ρουπλ	217.00—218.00
ΕΙΣ ΤΑΣ ΑΘΗΝΑΣ

ΑΘΗΝΑΙ Η ΧΡΥΣΗ ΛΙΡΑ ΕΚΛΕΙΣΕ ΕΙΣ 300,70 ΔΡΑΧΜΑΣ

ΔΡΑΚΟΝΤΕΙΑ ΜΕΤΡΑ ΠΡΟΣ ΑΠΟΤΡΟΠΗΝ ΝΕΑΣ ΒΕΝΔΕΤΤΑΣ

ΗΡΑΚΛΕΙΟΝ ΕΛΗΦΘΗΣΑΝ ΑΥΣΤΗΡΑ ΜΕΤΡΑ ΥΠΟ ΤΗΣ ΧΩΡΟΦΥΛΑΚΗΣ ΔΙΑ ΤΗΝ ΑΠΟΤΡΟΠΗΝ ΝΕΑΣ ΒΕΝΔΕΤΤΑΣ ΜΕΤΑΞΥ ΤΩΝ ΔΥΟ ΟΙΚΟΓΕΝΕΙΩΝ ΤΟΥ ΧΩΡΙΟΥ

Η ΙΝΔΟΝΗΣΙΑ ΘΑ ΕΞΑΓΕΙ ΠΡΟΣ ΤΟ ΠΑΡΟΝ ΚΑΠΝΑ

ΤΖΑΚΑΡΤΑ Η ΚΥΒΕΡΝΗΣΙΣ ΑΠΕΦΑΣΙΣΕ ΝΑ ΕΠΙΤΡΕΨΗ ΤΗΝ ΕΞΑΓΩΓΗΝ ΚΑΠΝΩΝ

ΙΣΟΒΙΟΣ ΚΑΘΕΙΡΞΙΣ ΕΙΣ ΤΟΝ ΔΟΛΟΦΟΝΟΝ ΤΟΥ ΒΟΓΑΤΣΟΥ

ΒΕΡΟΙΑ ΤΟ ΚΑΚΟΥΡΓΙΟΔΙΚΕΙΟΝ ΚΑΤΕΔΙΚΑΣΕ ΕΙΣ ΙΣΟΒΙΑ ΔΕΣΜΑ ΤΟΝ ΔΟΛΟΦΟΝΟΝ

Η ΠΡΩΤΗ ΜΑΡΟΚΙΝΗ ΑΝΩΤΕΡΑ ΥΠΑΛΛΗΛΟΣ

ΡΑΜΠΑΤ ΔΙΩΡΙΣΘΗ Η ΠΡΩΤΗ ΓΥΝΑΙΚΑ ΑΝΩΤΕΡΑ ΥΠΑΛΛΗΛΟΣ ΤΟΥ ΚΡΑΤΟΥΣ

ΓΕΡΜΑΝΟΣ ΝΑΥΑΡΧΟΣ ΕΙΣ ΤΑΣ ΗΝ. ΠΟΛΙΤΕΙΑΣ

ΟΥΑΣΙΓΚΤΩΝ ΑΦΙΧΘΗ Ο ΓΕΡΜΑΝΟΣ ΝΑΥΑΡΧΟΣ ΔΙΑ ΣΥΝΟΜΙΛΙΑΣ

320 ΝΕΟΙ ΜΕΤΑΝΑΣΤΑΙ ΕΙΣ ΤΗΝ ΑΥΣΤΡΑΛΙΑΝ

ΑΘΗΝΑΙ ΑΝΕΧΩΡΗΣΑΝ ΔΙΑ ΤΗΝ ΑΥΣΤΡΑΛΙΑΝ 320 ΝΕΟΙ ΜΕΤΑΝΑΣΤΑΙ

ΕΝΑΝΤΙΟΝ ΤΗΣ ΠΡΩΤΟΧΡΟΝΙΑΣ

ΚΩΝΣΤΑΝΤΙΝΟΥΠΟΛΙΣ ΕΩΡΤΑΣΘΗ ΚΑΤΑ ΤΟ ΠΑΛΑΙΟΝ ΗΜΕΡΟΛΟΓΙΟΝ

Ο ΓΕΝΙΚΟΣ ΓΡΑΜΜΑΤΕΥΣ ΤΟΥ ΥΠΟΥΡΓΕΙΟΥ ΕΣΩΤΕΡΙΚΩΝ

Ο ΓΕΝΙΚΟΣ ΓΡΑΜΜΑΤΕΥΣ ΕΠΙΣΚΕΦΘΗ ΤΑ ΓΡΑΦΕΙΑ ΤΗΣ ΝΟΜΑΡΧΙΑΣ

ΤΟ ΝΕΟΝ ΣΥΜΒΟΥΛΙΟΝ ΤΗΣ ΙΑΤΡΙΚΗΣ ΕΤΑΙΡΙΑΣ

ΤΟ ΝΕΟΝ ΔΙΟΙΚΗΤΙΚΟΝ ΣΥΜΒΟΥΛΙΟΝ ΤΗΣ ΙΑΤΡΙΚΗΣ ΕΤΑΙΡΙΑΣ ΘΕΣΣΑΛΟΝΙΚΗΣ ΚΑΤΑ ΤΗΝ ΟΡΚΩΜΟΣΙΑΝ ΤΟΥ ΕΙΣ ΤΗΝ ΑΙΘΟΥΣΑΝ ΤΗΣ ΕΤΑΙΡΙΑΣ ΠΑΡΟΥΣΙΑ ΤΩΝ ΜΕΛΩΝ ΚΑΙ ΤΩΝ ΑΡΧΩΝ

ΕΙΣ ΤΗΝ ΕΥΡΩΠΑΪΚΗΝ ΕΝΩΣΙΝ ΠΛΗΡΩΜΩΝ Η ΓΑΛΛΙΑ ΟΦΕΙΛΕΙ 635 ΕΚΑΤΟΜ. ΔΟΛΛΑΡΙΩΝ

ΠΑΡΙΣΙΟΙ Η ΓΑΛΛΙΑ ΟΦΕΙΛΕΙ ΕΙΣ ΤΗΝ ΕΥΡΩΠΑΪΚΗΝ ΕΝΩΣΙΝ ΠΛΗΡΩΜΩΝ 635 ΕΚΑΤΟΜΜΥΡΙΑ ΔΟΛΛΑΡΙΑ ΣΥΜΦΩΝΑ ΜΕ ΤΑ ΣΤΟΙΧΕΙΑ ΤΗΣ ΤΕΛΕΥΤΑΙΑΣ ΕΚΚΑΘΑΡΙΣΕΩΣ

Χῶραι μὲ πιστωτικὰ ὑπόλοιπα
Α. ΓΕΡΜΑΝΙΑ	4.581	1.177
ΒΕΛΓΙΟΝ—ΛΟΥΞΕΜΒΟΥΡΓΟΝ	1.233	161
ΟΛΛΑΝΔΙΑ	581	120
ΣΟΥΗΔΙΑ	546	52
ΕΛΒΕΤΙΑ	29	1
Χῶραι μὲ χρέη
ΓΑΛΛΙΑ	2.953	635
ΒΡΕΤΑΝΙΑ ΚΑΙ ΙΡΛΑΝΔΙΑ	1.478	379
ΤΟΥΡΚΙΑ	414	94
ΙΤΑΛΙΑ	435	12
ΝΟΡΒΗΓΙΑ	369	57
ΕΛΛΑΣ	317	33
ΔΑΝΙΑ	277	65
ΠΟΡΤΟΓΑΛΛΙΑ	272	16
ΑΥΣΤΡΙΑ	58	7
ΙΣΛΑΝΔΙΑ		
ΑΙ ΕΡΓΑΤΙΚΑΙ ΕΙΔΗΣΕΙΣ

ΤΗΝ ΚΥΡΙΑΚΗΝ ΠΡΑΓΜΑΤΟΠΟΙΗΘΗ ΕΙΣ ΤΟ ΕΡΓΑΤΙΚΟΝ ΚΕΝΤΡΟΝ ΘΕΣΣΑΛΟΝΙΚΗΣ Η ΓΕΝΙΚΗ ΣΥΝΕΛΕΥΣΙΣ ΤΩΝ ΑΝΤΙΠΡΟΣΩΠΩΝ ΤΩΝ ΣΩΜΑΤΕΙΩΝ ΣΥΖΗΤΗΘΗΣΑΝ ΤΑ ΖΗΤΗΜΑΤΑ ΤΗΣ ΑΠΑΣΧΟΛΗΣΕΩΣ ΚΑΙ ΤΩΝ ΗΜΕΡΟΜΙΣΘΙΩΝ ΚΑΘΩΣ ΚΑΙ Η ΕΦΑΡΜΟΓΗ ΤΩΝ ΣΥΛΛΟΓΙΚΩΝ ΣΥΜΒΑΣΕΩΝ ΕΙΣ ΤΟΥΣ ΚΛΑΔΟΥΣ ΤΗΣ ΒΙΟΜΗΧΑΝΙΑΣ ΚΑΙ ΤΟΥ ΕΜΠΟΡΙΟΥ ΑΠΕΦΑΣΙΣΘΗ Η ΥΠΟΒΟΛΗ ΥΠΟΜΝΗΜΑΤΟΣ ΠΡΟΣ ΤΟ ΥΠΟΥΡΓΕΙΟΝ ΕΡΓΑΣΙΑΣ ΔΙΑ ΤΗΝ ΛΗΨΙΝ ΜΕΤΡΩΝ ΥΠΕΡ ΤΩΝ ΑΝΕΡΓΩΝ ΚΑΙ ΤΗΝ ΕΠΙΤΑΧΥΝΣΙΝ ΤΩΝ ΔΗΜΟΣΙΩΝ ΕΡΓΩΝ ΕΙΣ ΤΗΝ ΠΕΡΙΟΧΗΝ ΤΗΣ ΜΑΚΕΔΟΝΙΑΣ ΚΑΙ ΘΡΑΚΗΣ

ΑΠΟΡΟΝ ΕΠΙ ΤΗΣ ΣΥΝΕΛΕΥΣΕΩΣ ΕΞΕΦΡΑΣΘΗΣΑΝ ΔΙΑΦΟΡΟΙ ΑΠΟΨΕΙΣ ΔΙΑ ΤΗΝ ΑΝΑΔΙΟΡΓΑΝΩΣΙΝ ΤΟΥ ΕΡΓΑΤΙΚΟΥ ΚΙΝΗΜΑΤΟΣ ΚΑΙ ΤΗΝ ΣΥΝΕΡΓΑΣΙΑΝ ΤΩΝ ΣΩΜΑΤΕΙΩΝ ΜΕ ΤΗΝ ΓΣΕΕ

ΟΙ ΕΝΟΡΚΟΙ ΚΑΚΟΥΡΓΙΟΔΙΚΕΙΟΥ ΚΑΣΤΟΡΙΑΣ

ΚΑΣΤΟΡΙΑ ΔΙΑ ΚΛΗΡΩΣΕΩΣ ΕΞΕΛΕΓΗΣΑΝ ΟΙ ΕΝΟΡΚΟΙ ΤΟΥ ΚΑΚΟΥΡΓΙΟΔΙΚΕΙΟΥ ΔΙΑ ΤΗΝ ΠΡΩΤΗΝ ΣΥΝΟΔΟΝ ΤΟΥ ΕΤΟΥΣ ΟΙ ΟΠΟΙΟΙ ΘΑ ΔΙΚΑΣΟΥΝ ΤΑΣ ΕΚΚΡΕΜΕΙΣ ΥΠΟΘΕΣΕΙΣ ΤΗΣ ΠΕΡΙΦΕΡΕΙΑΣ

ΥΠΕΓΡΑΦΗΣΑΝ ΚΑΙ ΝΕΟΙ ΔΙΟΡΙΣΜΟΙ ΙΑΤΡΩΝ ΩΣ ΔΙΕΥΘΥΝΤΩΝ ΚΛΙΝΙΚΩΝ ΝΟΣΟΚΟΜΕΙΩΝ

ΑΘΗΝΑΙ ΥΠΕΓΡΑΦΗΣΑΝ ΥΠΟ ΤΟΥ ΥΠΟΥΡΓΟΥ ΚΟΙΝΩΝΙΚΗΣ ΠΡΟΝΟΙΑΣ ΟΙ ΔΙΟΡΙΣΜΟΙ ΙΑΤΡΩΝ ΩΣ ΔΙΕΥΘΥΝΤΩΝ ΚΛΙΝΙΚΩΝ ΕΙΣ ΤΑ ΓΕΝΙΚΑ ΝΟΣΟΚΟΜΕΙΑ ΤΗΣ ΧΩΡΑΣ ΓΕΝΙΚΟΝ ΝΟΣΟΚΟΜΕΙΟΝ ΛΑΡΙΣΗΣ ΓΕΝΙΚΟΝ ΝΟΣΟΚΟΜΕΙΟΝ ΚΑΒΑΛΑΣ ΓΕΝΙΚΟΝ ΝΟΣΟΚΟΜΕΙΟΝ ΒΟΛΟΥ ΓΕΝΙΚΟΝ ΝΟΣΟΚΟΜΕΙΟΝ ΚΑΡΔΙΤΣΗΣ ΣΑΝΑΤΟΡΙΟΝ ΤΡΙΠΟΛΕΩΣ ΓΕΝΙΚΟΝ ΝΟΣΟΚΟΜΕΙΟΝ ΙΩΑΝΝΙΝΩΝ ΓΕΝΙΚΟΝ ΝΟΣΟΚΟΜΕΙΟΝ ΧΑΛΚΙΔΟΣ ΓΕΝΙΚΟΝ ΝΟΣΟΚΟΜΕΙΟΝ ΑΡΤΗΣ ΓΕΝΙΚΟΝ ΝΟΣΟΚΟΜΕΙΟΝ ΡΕΘΥΜΝΗΣ ΣΑΝΑΤΟΡΙΟΝ ΣΠΑΡΤΗΣ ΓΕΝΙΚΟΝ ΝΟΣΟΚΟΜΕΙΟΝ ΠΥΡΓΟΥ
